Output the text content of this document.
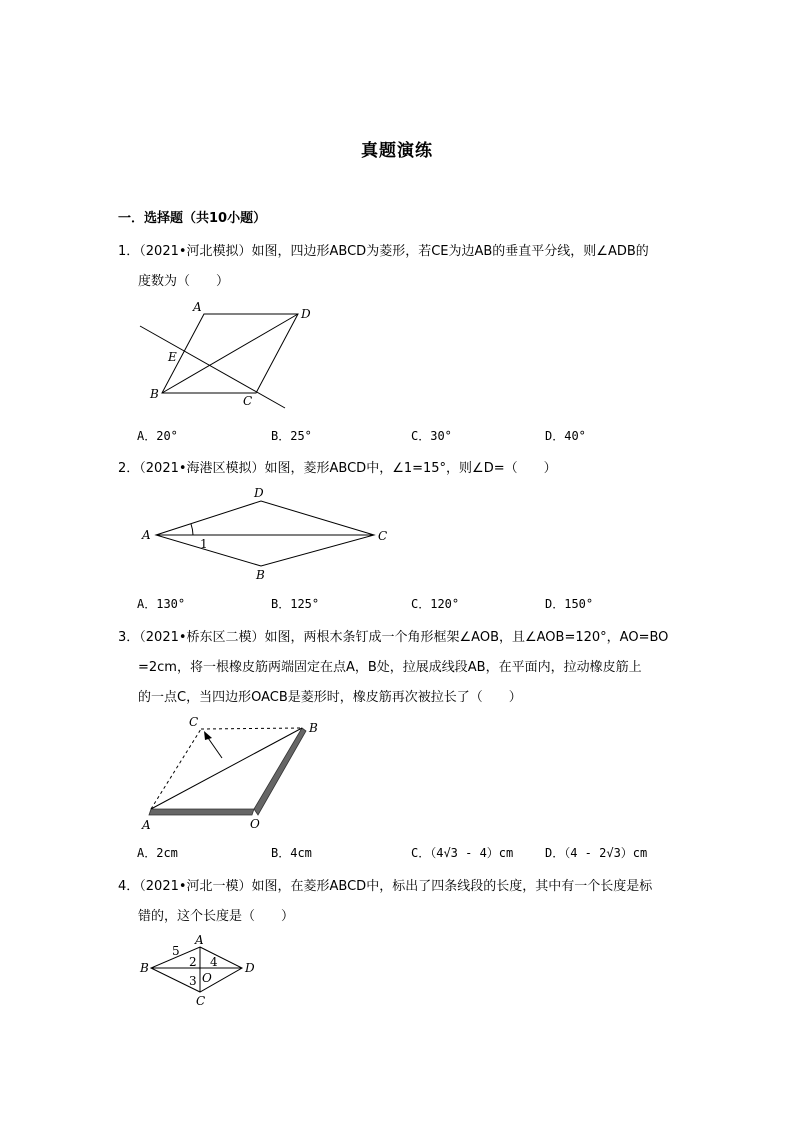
真题演练
一．选择题（共10小题）
1．（2021•河北模拟）如图，四边形ABCD为菱形，若CE为边AB的垂直平分线，则∠ADB的
度数为（　　）
A	D
E
B	C
A．20°	B．25°	C．30°	D．40°
2．（2021•海港区模拟）如图，菱形ABCD中，∠1=15°，则∠D=（　　）
D
A	C
B
1
A．130°	B．125°	C．120°	D．150°
3．（2021•桥东区二模）如图，两根木条钉成一个角形框架∠AOB，且∠AOB=120°，AO=BO
=2cm，将一根橡皮筋两端固定在点A，B处，拉展成线段AB，在平面内，拉动橡皮筋上
的一点C，当四边形OACB是菱形时，橡皮筋再次被拉长了（　　）
C	B
A	O
A．2cm	B．4cm	C．（4√3 - 4）cm	D．（4 - 2√3）cm
4．（2021•河北一模）如图，在菱形ABCD中，标出了四条线段的长度，其中有一个长度是标
错的，这个长度是（　　）
A
5
B	2 4
O
D
3
C
